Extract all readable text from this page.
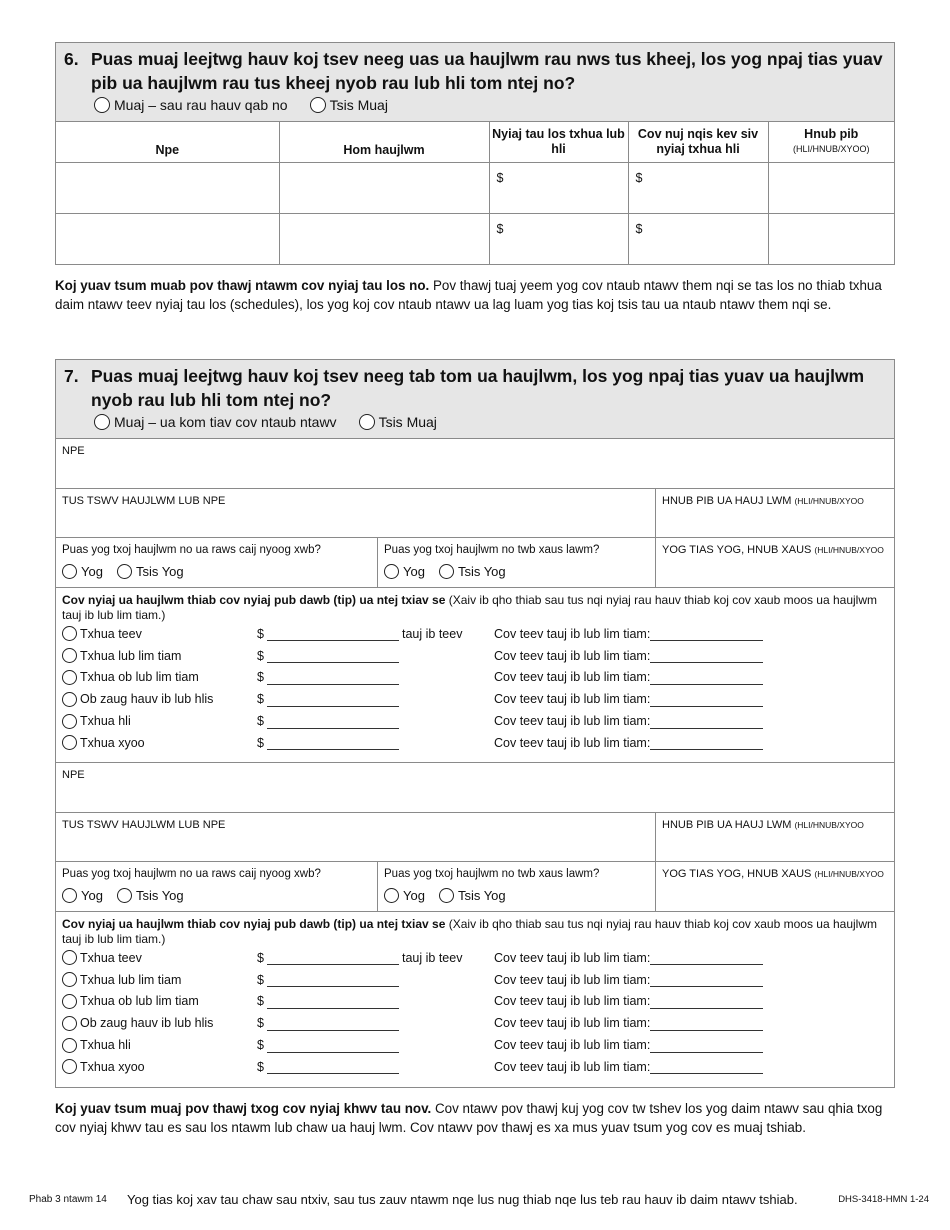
6. Puas muaj leejtwg hauv koj tsev neeg uas ua haujlwm rau nws tus kheej, los yog npaj tias yuav pib ua haujlwm rau tus kheej nyob rau lub hli tom ntej no?
Muaj – sau rau hauv qab no	Tsis Muaj
Npe	Hom haujlwm	Nyiaj tau los txhua lub hli	Cov nuj nqis kev siv nyiaj txhua hli	Hnub pib
(HLI/HNUB/XYOO)

		$	$	
		$	$	
Koj yuav tsum muab pov thawj ntawm cov nyiaj tau los no. Pov thawj tuaj yeem yog cov ntaub ntawv them nqi se tas los no thiab txhua daim ntawv teev nyiaj tau los (schedules), los yog koj cov ntaub ntawv ua lag luam yog tias koj tsis tau ua ntaub ntawv them nqi se.
7. Puas muaj leejtwg hauv koj tsev neeg tab tom ua haujlwm, los yog npaj tias yuav ua haujlwm nyob rau lub hli tom ntej no?
Muaj – ua kom tiav cov ntaub ntawv	Tsis Muaj
NPE
TUS TSWV HAUJLWM LUB NPE	HNUB PIB UA HAUJ LWM (HLI/HNUB/XYOO
Puas yog txoj haujlwm no ua raws caij nyoog xwb?
Yog	Tsis Yog
Puas yog txoj haujlwm no twb xaus lawm?
Yog	Tsis Yog
YOG TIAS YOG, HNUB XAUS (HLI/HNUB/XYOO
Cov nyiaj ua haujlwm thiab cov nyiaj pub dawb (tip) ua ntej txiav se (Xaiv ib qho thiab sau tus nqi nyiaj rau hauv thiab koj cov xaub moos ua haujlwm tauj ib lub lim tiam.)
Txhua teev	$	tauj ib teev	Cov teev tauj ib lub lim tiam:
Txhua lub lim tiam	$	Cov teev tauj ib lub lim tiam:
Txhua ob lub lim tiam	$	Cov teev tauj ib lub lim tiam:
Ob zaug hauv ib lub hlis	$	Cov teev tauj ib lub lim tiam:
Txhua hli	$	Cov teev tauj ib lub lim tiam:
Txhua xyoo	$	Cov teev tauj ib lub lim tiam:
NPE
TUS TSWV HAUJLWM LUB NPE	HNUB PIB UA HAUJ LWM (HLI/HNUB/XYOO
Puas yog txoj haujlwm no ua raws caij nyoog xwb?
Yog	Tsis Yog
Puas yog txoj haujlwm no twb xaus lawm?
Yog	Tsis Yog
YOG TIAS YOG, HNUB XAUS (HLI/HNUB/XYOO
Cov nyiaj ua haujlwm thiab cov nyiaj pub dawb (tip) ua ntej txiav se (Xaiv ib qho thiab sau tus nqi nyiaj rau hauv thiab koj cov xaub moos ua haujlwm tauj ib lub lim tiam.)
Txhua teev	$	tauj ib teev	Cov teev tauj ib lub lim tiam:
Txhua lub lim tiam	$	Cov teev tauj ib lub lim tiam:
Txhua ob lub lim tiam	$	Cov teev tauj ib lub lim tiam:
Ob zaug hauv ib lub hlis	$	Cov teev tauj ib lub lim tiam:
Txhua hli	$	Cov teev tauj ib lub lim tiam:
Txhua xyoo	$	Cov teev tauj ib lub lim tiam:
Koj yuav tsum muaj pov thawj txog cov nyiaj khwv tau nov. Cov ntawv pov thawj kuj yog cov tw tshev los yog daim ntawv sau qhia txog cov nyiaj khwv tau es sau los ntawm lub chaw ua hauj lwm. Cov ntawv pov thawj es xa mus yuav tsum yog cov es muaj tshiab.
Phab 3 ntawm 14	Yog tias koj xav tau chaw sau ntxiv, sau tus zauv ntawm nqe lus nug thiab nqe lus teb rau hauv ib daim ntawv tshiab.	DHS-3418-HMN 1-24
